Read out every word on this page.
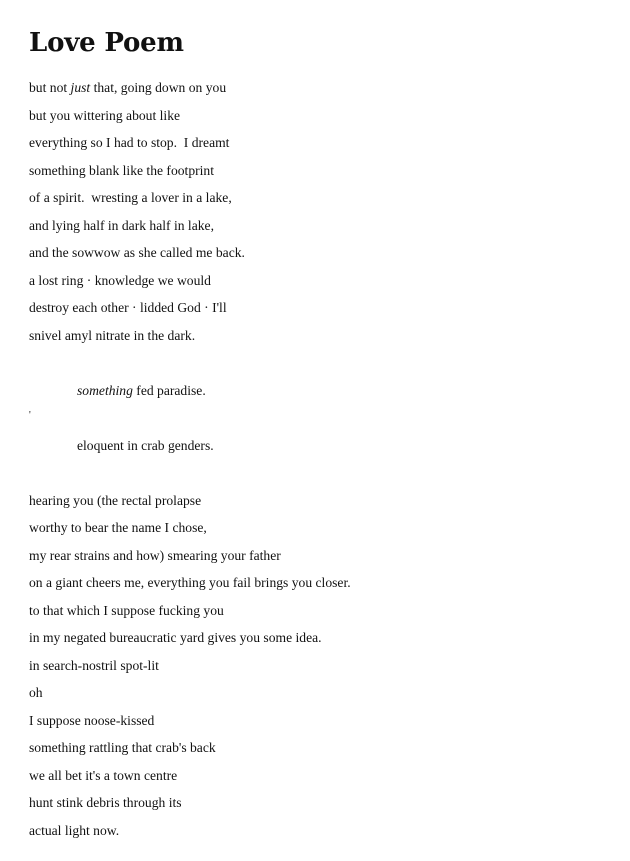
Love Poem
but not just that, going down on you
but you wittering about like
everything so I had to stop.  I dreamt
something blank like the footprint
of a spirit.  wresting a lover in a lake,
and lying half in dark half in lake,
and the sowwow as she called me back.
a lost ring · knowledge we would
destroy each other · lidded God · I'll
snivel amyl nitrate in the dark.
something fed paradise.
'
eloquent in crab genders.
hearing you (the rectal prolapse
worthy to bear the name I chose,
my rear strains and how) smearing your father
on a giant cheers me, everything you fail brings you closer.
to that which I suppose fucking you
in my negated bureaucratic yard gives you some idea.
in search-nostril spot-lit
oh
I suppose noose-kissed
something rattling that crab's back
we all bet it's a town centre
hunt stink debris through its
actual light now.
